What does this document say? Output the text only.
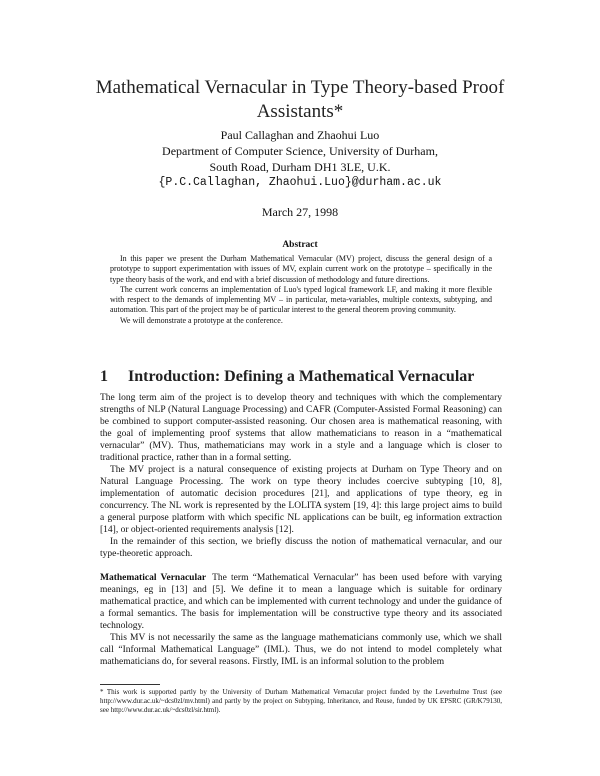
Mathematical Vernacular in Type Theory-based Proof Assistants*
Paul Callaghan and Zhaohui Luo
Department of Computer Science, University of Durham,
South Road, Durham DH1 3LE, U.K.
{P.C.Callaghan, Zhaohui.Luo}@durham.ac.uk
March 27, 1998
Abstract

In this paper we present the Durham Mathematical Vernacular (MV) project, discuss the general design of a prototype to support experimentation with issues of MV, explain current work on the prototype – specifically in the type theory basis of the work, and end with a brief discussion of methodology and future directions.

The current work concerns an implementation of Luo's typed logical framework LF, and making it more flexible with respect to the demands of implementing MV – in particular, meta-variables, multiple contexts, subtyping, and automation. This part of the project may be of particular interest to the general theorem proving community.

We will demonstrate a prototype at the conference.

1 Introduction: Defining a Mathematical Vernacular

The long term aim of the project is to develop theory and techniques with which the complementary strengths of NLP (Natural Language Processing) and CAFR (Computer-Assisted Formal Reasoning) can be combined to support computer-assisted reasoning. Our chosen area is mathematical reasoning, with the goal of implementing proof systems that allow mathematicians to reason in a “mathematical vernacular” (MV). Thus, mathematicians may work in a style and a language which is closer to traditional practice, rather than in a formal setting.

The MV project is a natural consequence of existing projects at Durham on Type Theory and on Natural Language Processing. The work on type theory includes coercive subtyping [10, 8], implementation of automatic decision procedures [21], and applications of type theory, eg in concurrency. The NL work is represented by the LOLITA system [19, 4]: this large project aims to build a general purpose platform with which specific NL applications can be built, eg information extraction [14], or object-oriented requirements analysis [12].

In the remainder of this section, we briefly discuss the notion of mathematical vernacular, and our type-theoretic approach.

Mathematical Vernacular The term “Mathematical Vernacular” has been used before with varying meanings, eg in [13] and [5]. We define it to mean a language which is suitable for ordinary mathematical practice, and which can be implemented with current technology and under the guidance of a formal semantics. The basis for implementation will be constructive type theory and its associated technology.

This MV is not necessarily the same as the language mathematicians commonly use, which we shall call “Informal Mathematical Language” (IML). Thus, we do not intend to model completely what mathematicians do, for several reasons. Firstly, IML is an informal solution to the problem

* This work is supported partly by the University of Durham Mathematical Vernacular project funded by the Leverhulme Trust (see http://www.dur.ac.uk/~dcs0zl/mv.html) and partly by the project on Subtyping, Inheritance, and Reuse, funded by UK EPSRC (GR/K79130, see http://www.dur.ac.uk/~dcs0zl/sir.html).
